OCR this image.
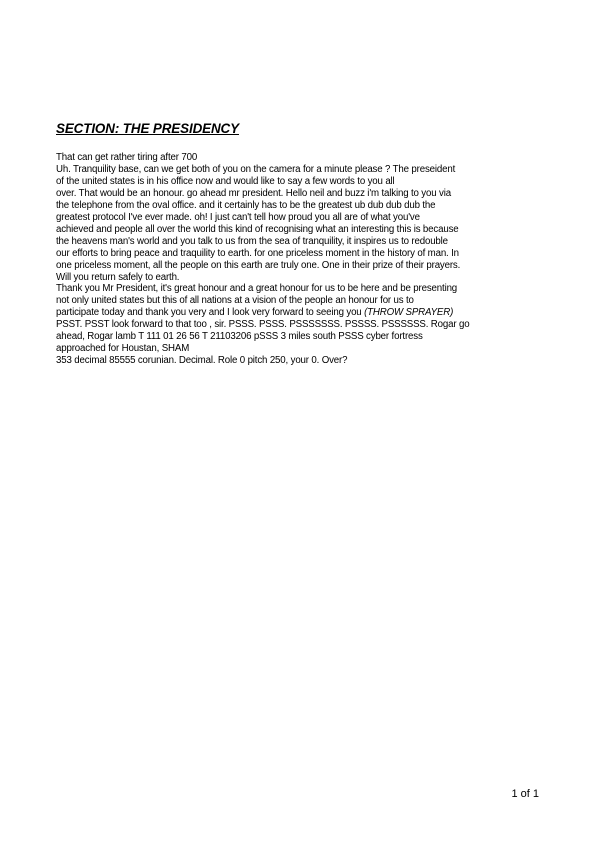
SECTION: THE PRESIDENCY
That can get rather tiring after 700
Uh. Tranquility base, can we get both of you on the camera for a minute please ? The preseident
of the united states is in his office now and would like to say a few words to you all
over. That would be an honour. go ahead mr president. Hello neil and buzz i'm talking to you via
the telephone from the oval office. and it certainly has to be the greatest ub dub dub dub the
greatest protocol I've ever made. oh! I just can't tell how proud you all are of what you've
achieved and people all over the world this kind of recognising what an interesting this is because
the heavens man's world and you talk to us from the sea of tranquility, it inspires us to redouble
our efforts to bring peace and traquility to earth. for one priceless moment in the history of man. In
one priceless moment, all the people on this earth are truly one. One in their prize of their prayers.
Will you return safely to earth.
Thank you Mr President, it's great honour and a great honour for us to be here and be presenting
not only united states but this of all nations at a vision of the people an honour for us to
participate today and thank you very and I look very forward to seeing you (THROW SPRAYER)
PSST. PSST look forward to that too , sir. PSSS. PSSS. PSSSSSSS. PSSSS. PSSSSSS. Rogar go
ahead, Rogar lamb T 111 01 26 56 T 21103206 pSSS 3 miles south PSSS cyber fortress
approached for Houstan, SHAM
353 decimal 85555 corunian. Decimal. Role 0 pitch 250, your 0. Over?
1 of 1
